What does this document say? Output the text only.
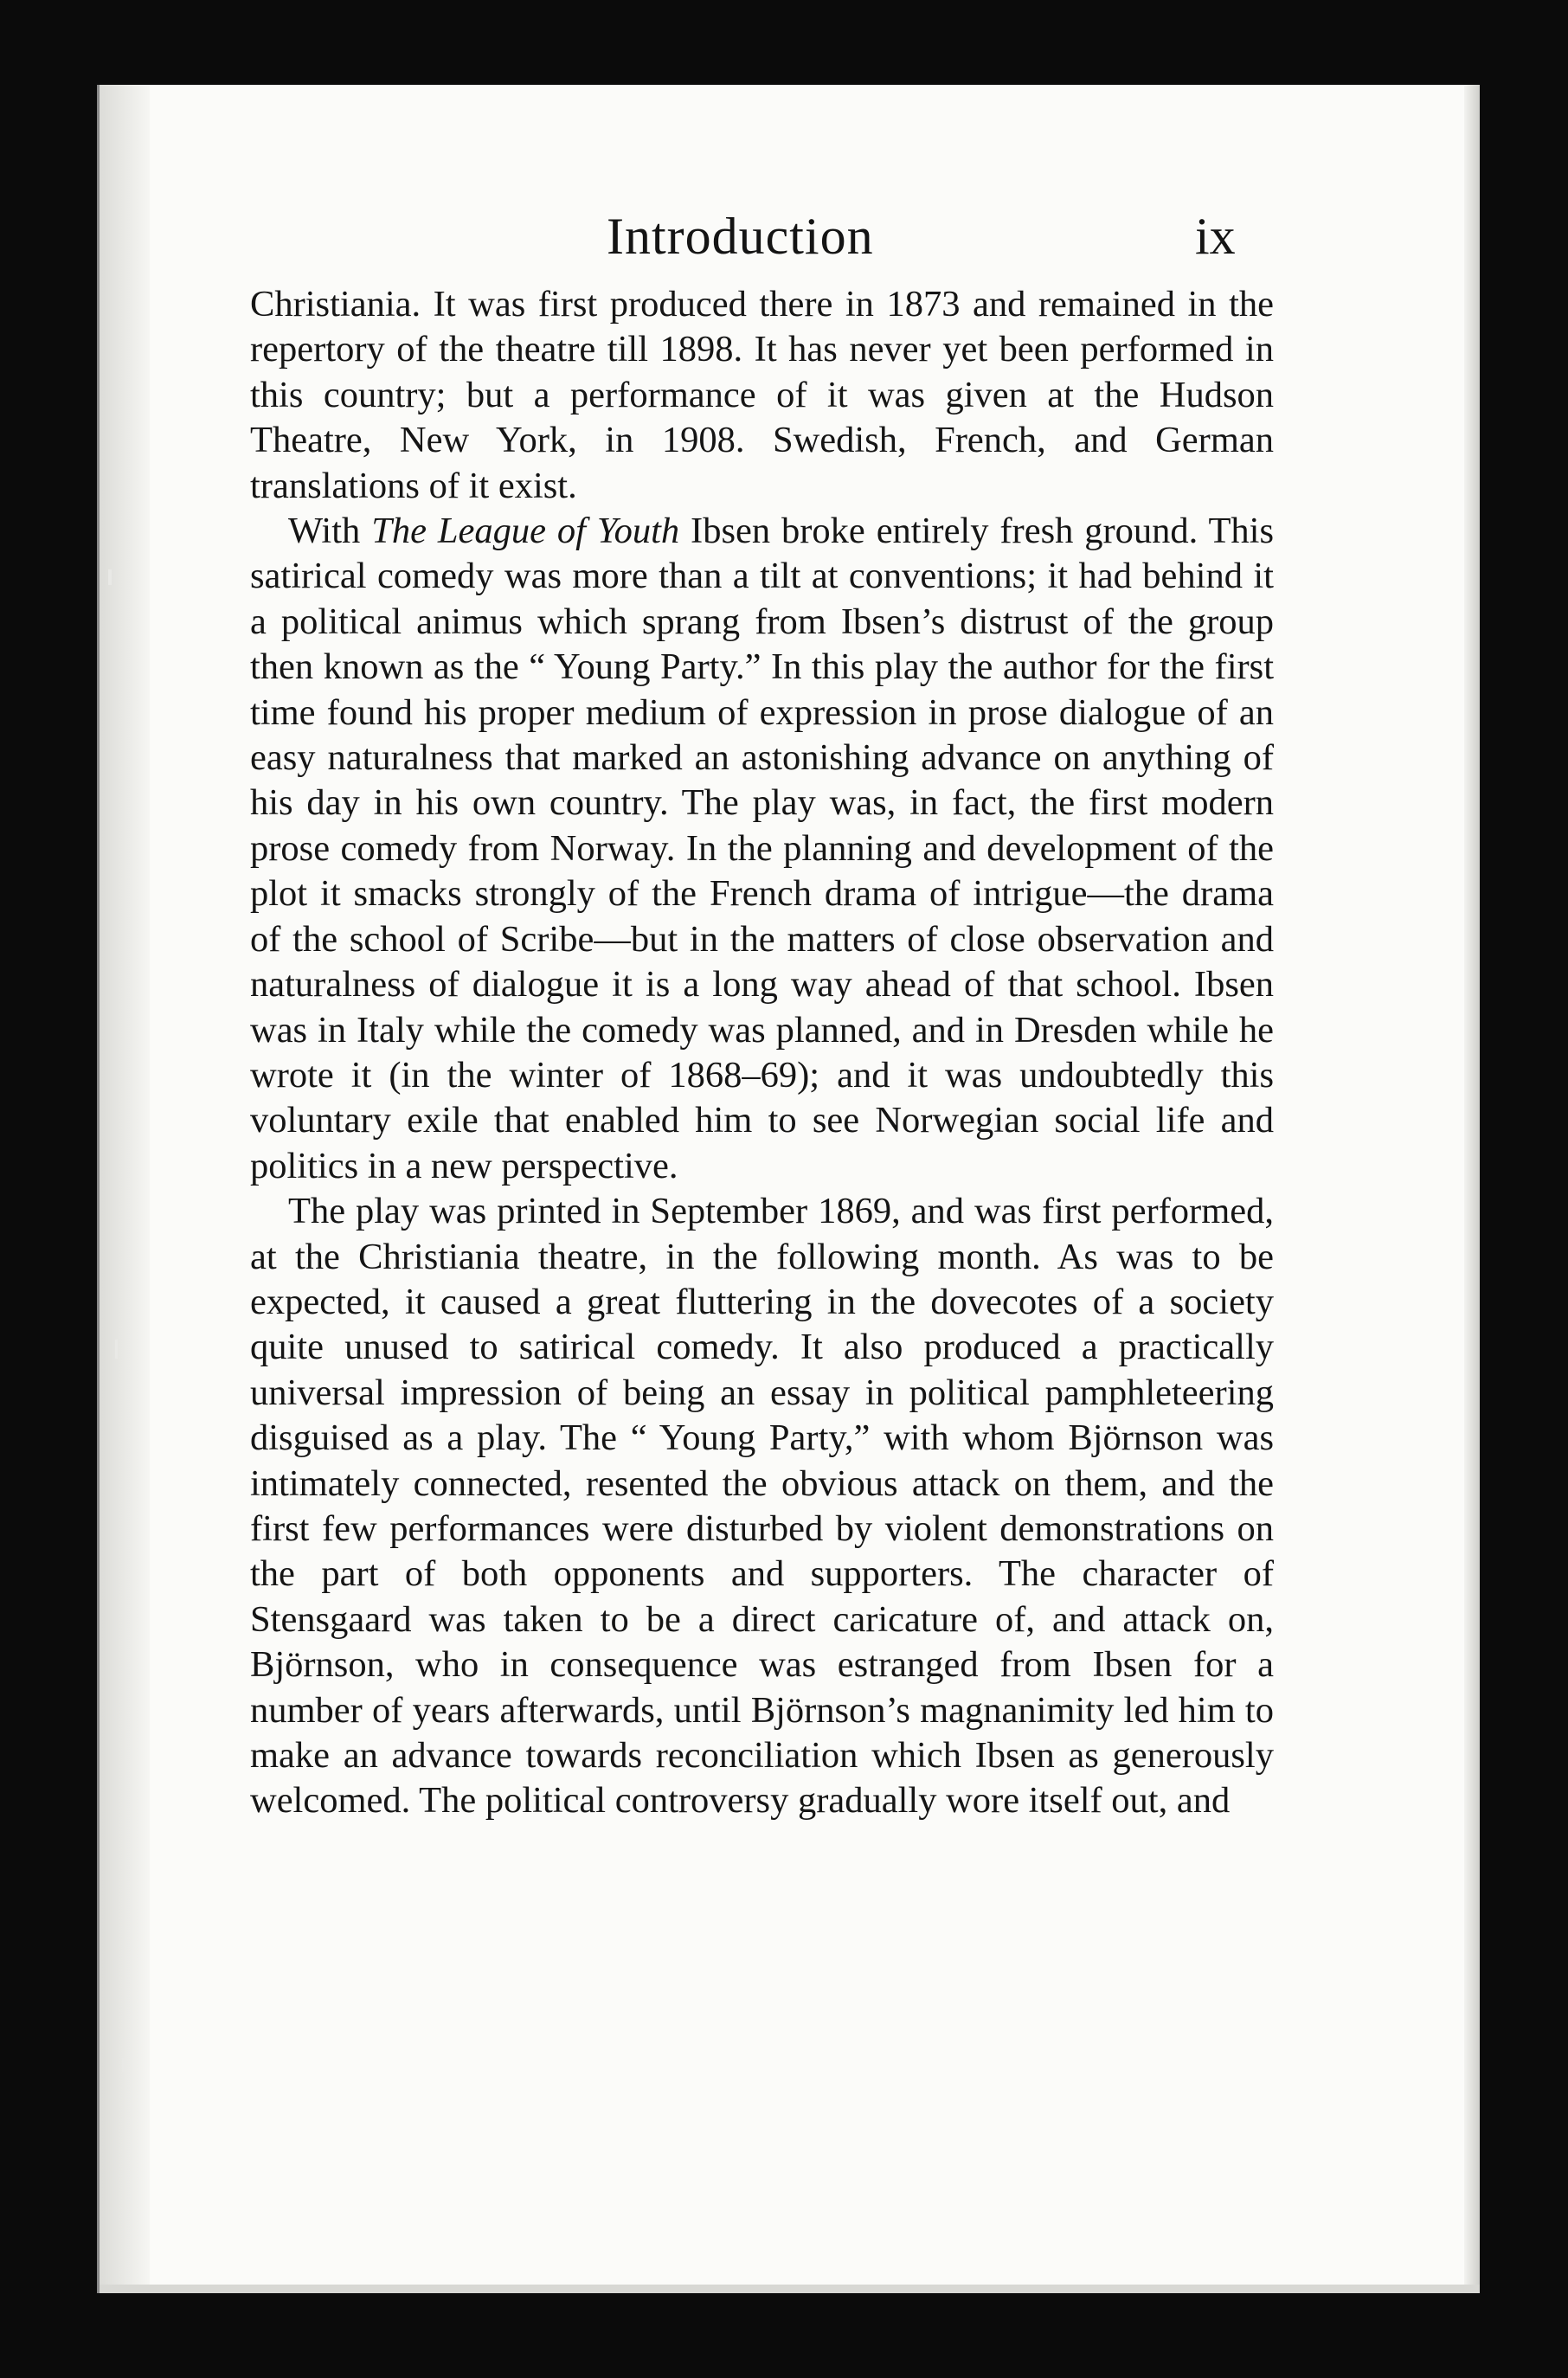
Introduction	ix

Christiania. It was first produced there in 1873 and remained in the repertory of the theatre till 1898. It has never yet been performed in this country; but a performance of it was given at the Hudson Theatre, New York, in 1908. Swedish, French, and German translations of it exist.

With The League of Youth Ibsen broke entirely fresh ground. This satirical comedy was more than a tilt at conventions; it had behind it a political animus which sprang from Ibsen’s distrust of the group then known as the “ Young Party.” In this play the author for the first time found his proper medium of expression in prose dialogue of an easy naturalness that marked an astonishing advance on anything of his day in his own country. The play was, in fact, the first modern prose comedy from Norway. In the planning and development of the plot it smacks strongly of the French drama of intrigue—the drama of the school of Scribe—but in the matters of close observation and naturalness of dialogue it is a long way ahead of that school. Ibsen was in Italy while the comedy was planned, and in Dresden while he wrote it (in the winter of 1868–69); and it was undoubtedly this voluntary exile that enabled him to see Norwegian social life and politics in a new perspective.

The play was printed in September 1869, and was first performed, at the Christiania theatre, in the following month. As was to be expected, it caused a great fluttering in the dovecotes of a society quite unused to satirical comedy. It also produced a practically universal impression of being an essay in political pamphleteering disguised as a play. The “ Young Party,” with whom Björnson was intimately connected, resented the obvious attack on them, and the first few performances were disturbed by violent demonstrations on the part of both opponents and supporters. The character of Stensgaard was taken to be a direct caricature of, and attack on, Björnson, who in consequence was estranged from Ibsen for a number of years afterwards, until Björnson’s magnanimity led him to make an advance towards reconciliation which Ibsen as generously welcomed. The political controversy gradually wore itself out, and
